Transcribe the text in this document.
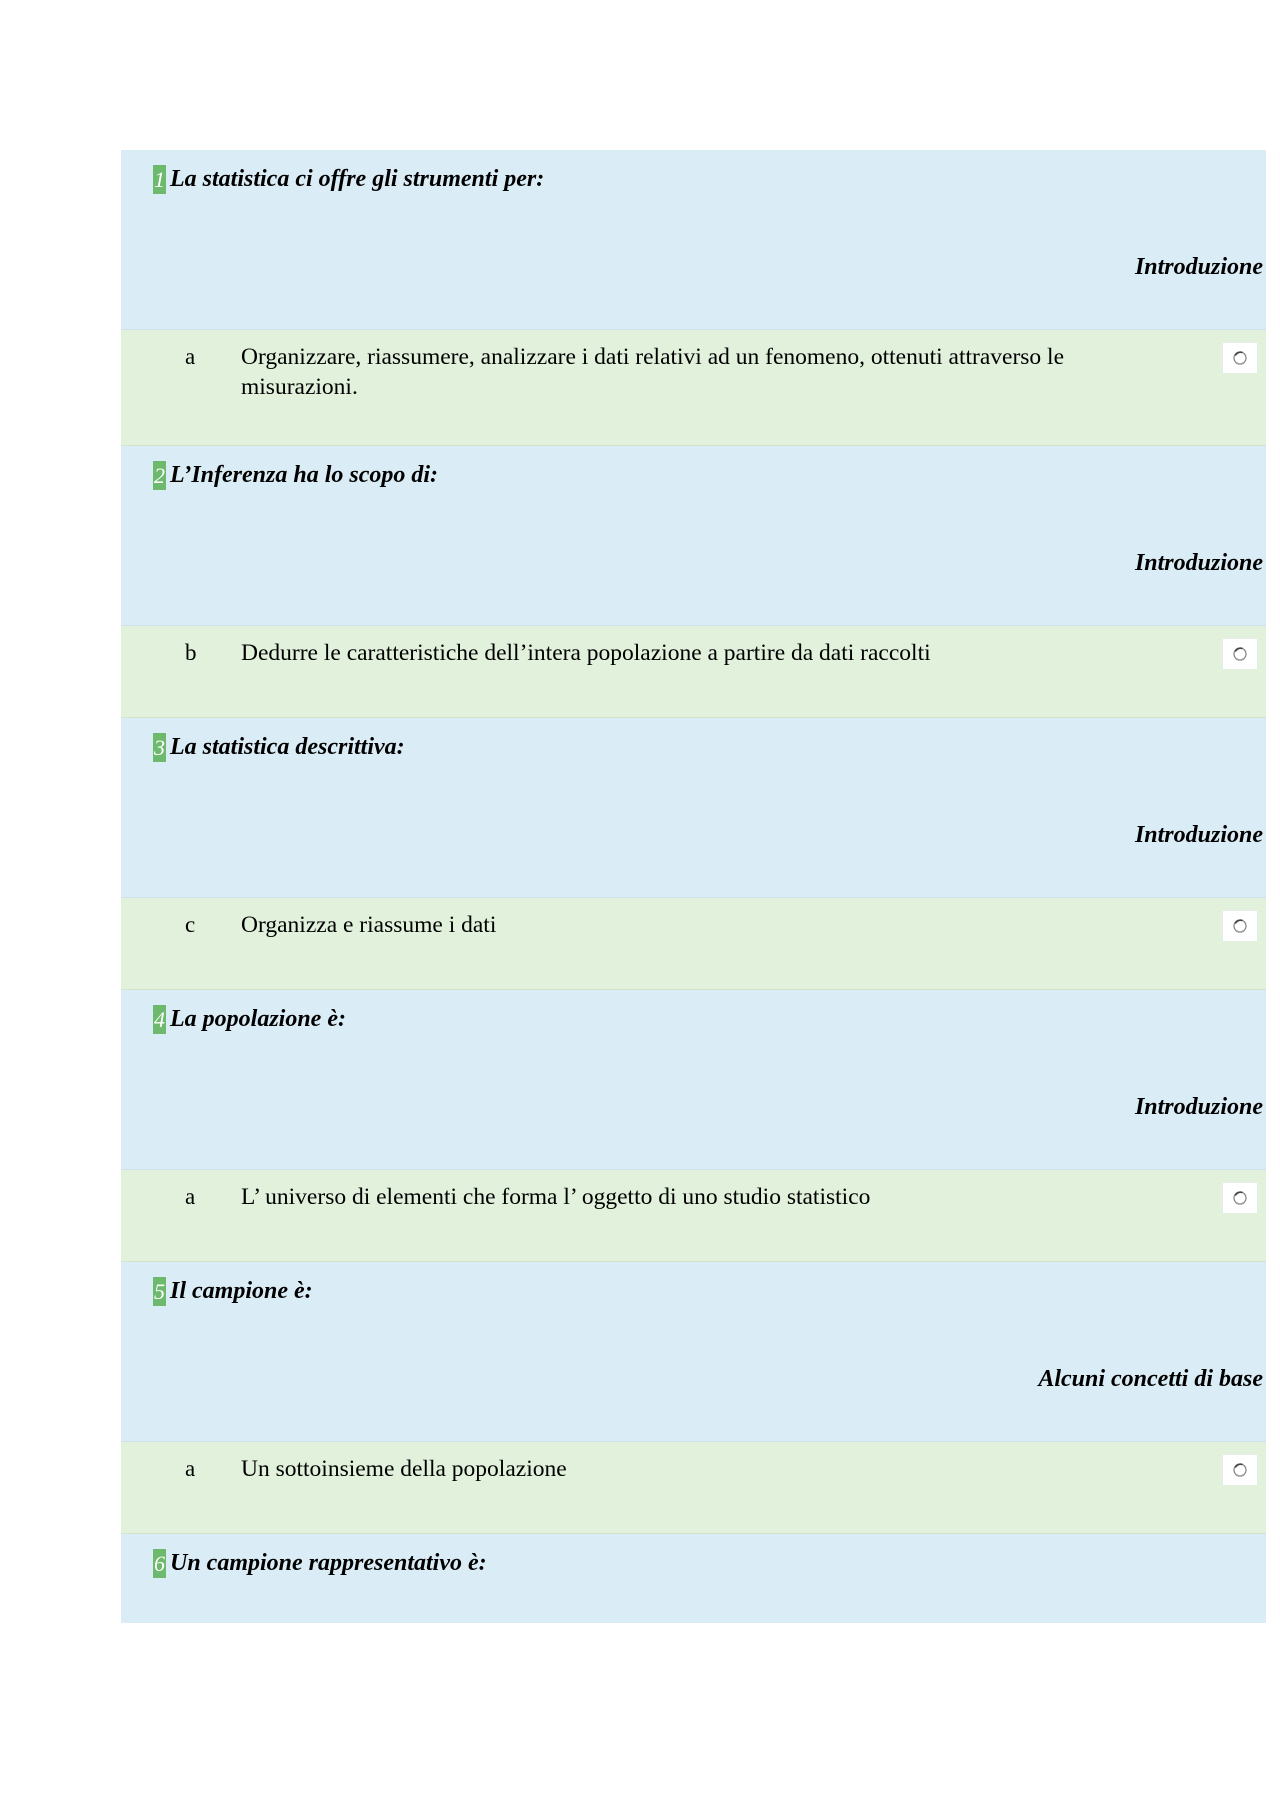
1 La statistica ci offre gli strumenti per:
Introduzione
a Organizzare, riassumere, analizzare i dati relativi ad un fenomeno, ottenuti attraverso le misurazioni.
2 L’Inferenza ha lo scopo di:
Introduzione
b Dedurre le caratteristiche dell’intera popolazione a partire da dati raccolti
3 La statistica descrittiva:
Introduzione
c Organizza e riassume i dati
4 La popolazione è:
Introduzione
a L’ universo di elementi che forma l’ oggetto di uno studio statistico
5 Il campione è:
Alcuni concetti di base
a Un sottoinsieme della popolazione
6 Un campione rappresentativo è:
